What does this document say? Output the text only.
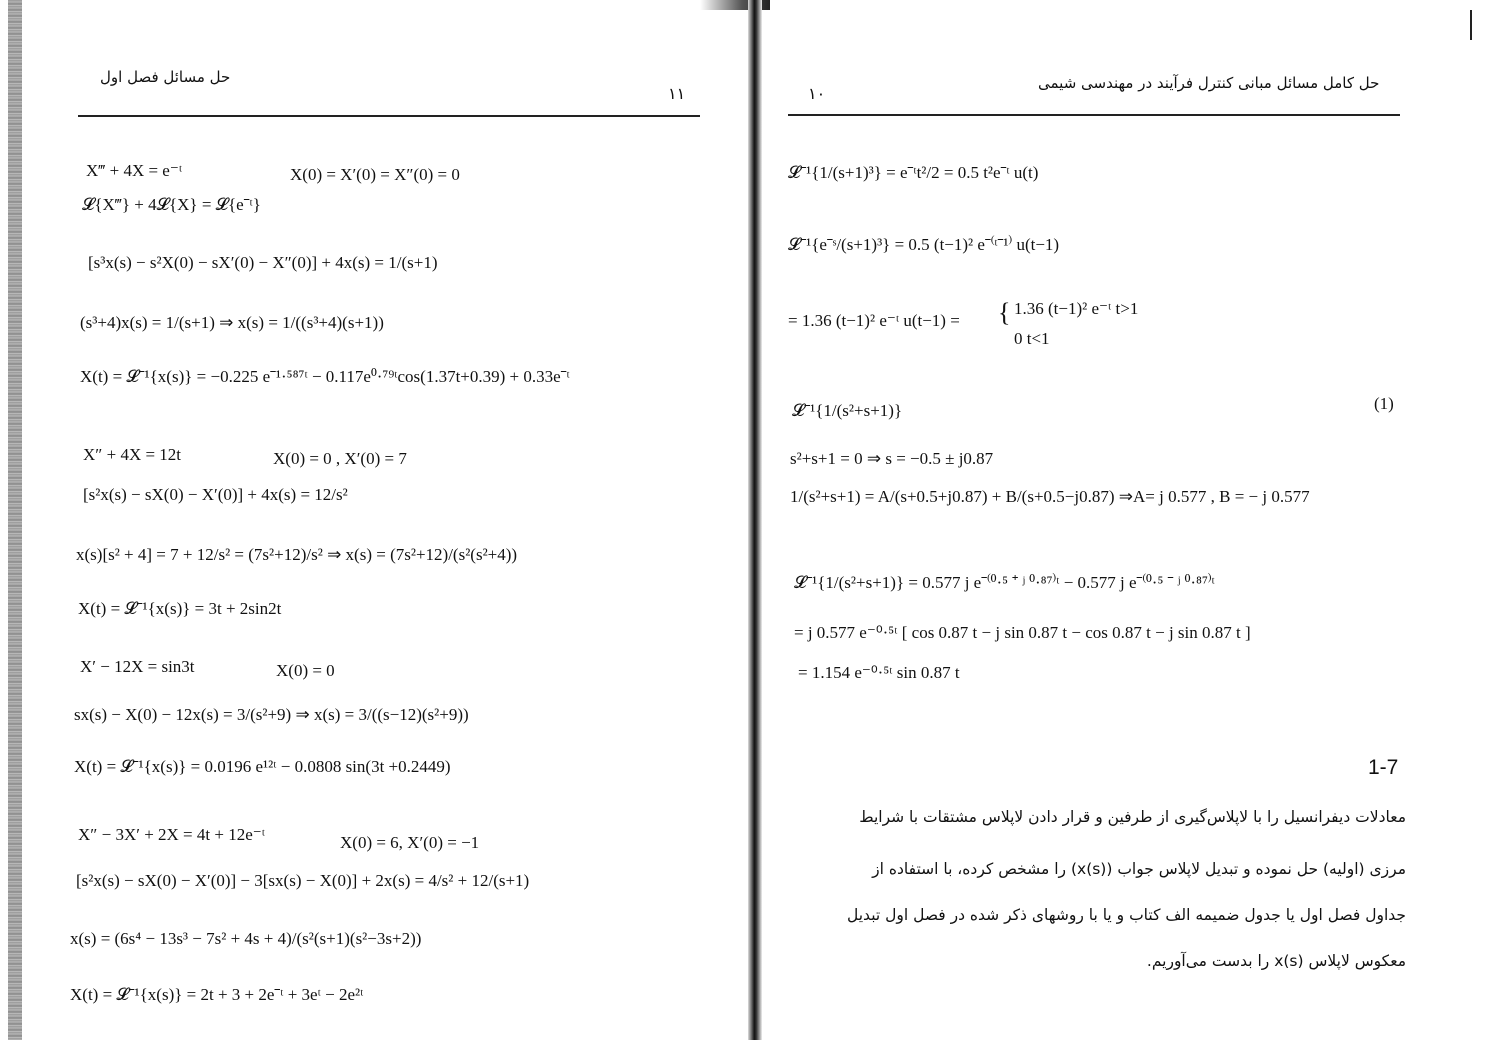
حل مسائل فصل اول
۱۱
X‴ + 4X = e⁻ᵗ	X(0) = X′(0) = X″(0) = 0
𝓛{X‴} + 4𝓛{X} = 𝓛{e⁻ᵗ}
[s³x(s) − s²X(0) − sX′(0) − X″(0)] + 4x(s) = 1/(s+1)
(s³+4)x(s) = 1/(s+1) ⇒ x(s) = 1/((s³+4)(s+1))
X(t) = 𝓛⁻¹{x(s)} = −0.225 e⁻¹·⁵⁸⁷ᵗ − 0.117e⁰·⁷⁹ᵗcos(1.37t+0.39) + 0.33e⁻ᵗ
X″ + 4X = 12t	X(0) = 0 , X′(0) = 7
[s²x(s) − sX(0) − X′(0)] + 4x(s) = 12/s²
x(s)[s² + 4] = 7 + 12/s² = (7s²+12)/s² ⇒ x(s) = (7s²+12)/(s²(s²+4))
X(t) = 𝓛⁻¹{x(s)} = 3t + 2sin2t
X′ − 12X = sin3t	X(0) = 0
sx(s) − X(0) − 12x(s) = 3/(s²+9) ⇒ x(s) = 3/((s−12)(s²+9))
X(t) = 𝓛⁻¹{x(s)} = 0.0196 e¹²ᵗ − 0.0808 sin(3t +0.2449)
X″ − 3X′ + 2X = 4t + 12e⁻ᵗ	X(0) = 6, X′(0) = −1
[s²x(s) − sX(0) − X′(0)] − 3[sx(s) − X(0)] + 2x(s) = 4/s² + 12/(s+1)
x(s) = (6s⁴ − 13s³ − 7s² + 4s + 4)/(s²(s+1)(s²−3s+2))
X(t) = 𝓛⁻¹{x(s)} = 2t + 3 + 2e⁻ᵗ + 3eᵗ − 2e²ᵗ
حل کامل مسائل مبانی کنترل فرآیند در مهندسی شیمی
۱۰
𝓛⁻¹{1/(s+1)³} = e⁻ᵗt²/2 = 0.5 t²e⁻ᵗ u(t)
𝓛⁻¹{e⁻ˢ/(s+1)³} = 0.5 (t−1)² e⁻⁽ᵗ⁻¹⁾ u(t−1)
= 1.36 (t−1)² e⁻ᵗ u(t−1) = { 1.36 (t−1)² e⁻ᵗ t>1
0 t<1
(1)
𝓛⁻¹{1/(s²+s+1)}
s²+s+1 = 0 ⇒ s = −0.5 ± j0.87
1/(s²+s+1) = A/(s+0.5+j0.87) + B/(s+0.5−j0.87) ⇒A= j 0.577 , B = − j 0.577
𝓛⁻¹{1/(s²+s+1)} = 0.577 j e⁻⁽⁰·⁵ ⁺ ʲ ⁰·⁸⁷⁾ᵗ − 0.577 j e⁻⁽⁰·⁵ ⁻ ʲ ⁰·⁸⁷⁾ᵗ
= j 0.577 e⁻⁰·⁵ᵗ [ cos 0.87 t − j sin 0.87 t − cos 0.87 t − j sin 0.87 t ]
= 1.154 e⁻⁰·⁵ᵗ sin 0.87 t
1-7
معادلات دیفرانسیل را با لاپلاس‌گیری از طرفین و قرار دادن لاپلاس مشتقات با شرایط
مرزی (اولیه) حل نموده و تبدیل لاپلاس جواب (x(s)) را مشخص کرده، با استفاده از
جداول فصل اول یا جدول ضمیمه الف کتاب و یا با روشهای ذکر شده در فصل اول تبدیل
معکوس لاپلاس x(s) را بدست می‌آوریم.
